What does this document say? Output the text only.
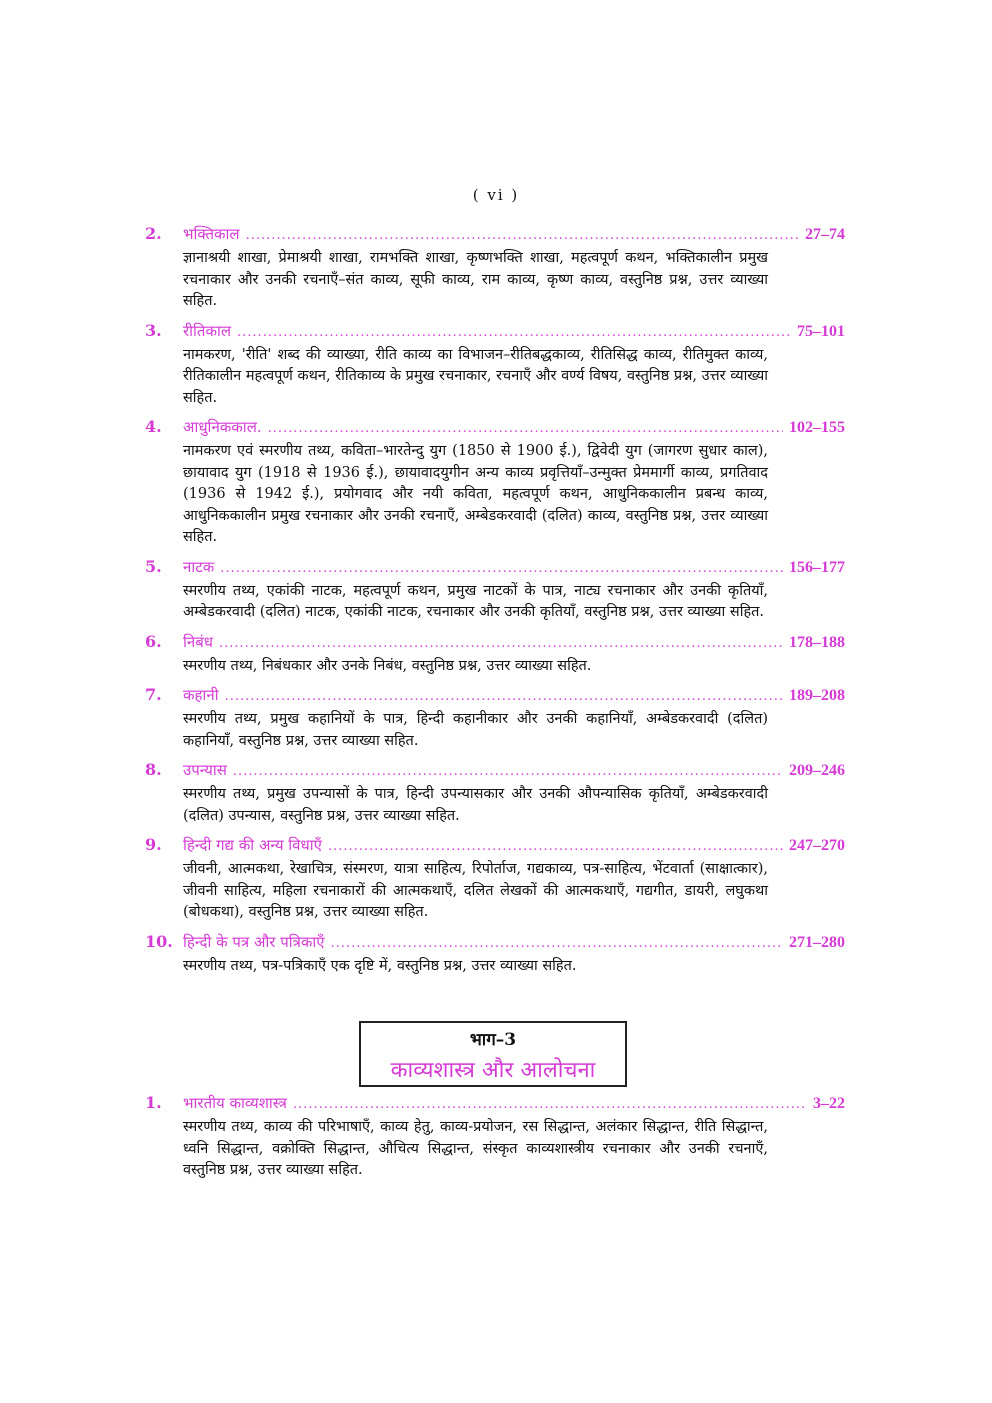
( vi )
2.	भक्तिकाल .....	27–74
ज्ञानाश्रयी शाखा, प्रेमाश्रयी शाखा, रामभक्ति शाखा, कृष्णभक्ति शाखा, महत्वपूर्ण कथन, भक्तिकालीन प्रमुख रचनाकार और उनकी रचनाएँ–संत काव्य, सूफी काव्य, राम काव्य, कृष्ण काव्य, वस्तुनिष्ठ प्रश्न, उत्तर व्याख्या सहित.
3.	रीतिकाल .....	75–101
नामकरण, 'रीति' शब्द की व्याख्या, रीति काव्य का विभाजन–रीतिबद्धकाव्य, रीतिसिद्ध काव्य, रीतिमुक्त काव्य, रीतिकालीन महत्वपूर्ण कथन, रीतिकाव्य के प्रमुख रचनाकार, रचनाएँ और वर्ण्य विषय, वस्तुनिष्ठ प्रश्न, उत्तर व्याख्या सहित.
4.	आधुनिककाल. .....	102–155
नामकरण एवं स्मरणीय तथ्य, कविता–भारतेन्दु युग (1850 से 1900 ई.), द्विवेदी युग (जागरण सुधार काल), छायावाद युग (1918 से 1936 ई.), छायावादयुगीन अन्य काव्य प्रवृत्तियाँ–उन्मुक्त प्रेममार्गी काव्य, प्रगतिवाद (1936 से 1942 ई.), प्रयोगवाद और नयी कविता, महत्वपूर्ण कथन, आधुनिककालीन प्रबन्ध काव्य, आधुनिककालीन प्रमुख रचनाकार और उनकी रचनाएँ, अम्बेडकरवादी (दलित) काव्य, वस्तुनिष्ठ प्रश्न, उत्तर व्याख्या सहित.
5.	नाटक .....	156–177
स्मरणीय तथ्य, एकांकी नाटक, महत्वपूर्ण कथन, प्रमुख नाटकों के पात्र, नाट्य रचनाकार और उनकी कृतियाँ, अम्बेडकरवादी (दलित) नाटक, एकांकी नाटक, रचनाकार और उनकी कृतियाँ, वस्तुनिष्ठ प्रश्न, उत्तर व्याख्या सहित.
6.	निबंध .....	178–188
स्मरणीय तथ्य, निबंधकार और उनके निबंध, वस्तुनिष्ठ प्रश्न, उत्तर व्याख्या सहित.
7.	कहानी .....	189–208
स्मरणीय तथ्य, प्रमुख कहानियों के पात्र, हिन्दी कहानीकार और उनकी कहानियाँ, अम्बेडकरवादी (दलित) कहानियाँ, वस्तुनिष्ठ प्रश्न, उत्तर व्याख्या सहित.
8.	उपन्यास .....	209–246
स्मरणीय तथ्य, प्रमुख उपन्यासों के पात्र, हिन्दी उपन्यासकार और उनकी औपन्यासिक कृतियाँ, अम्बेडकरवादी (दलित) उपन्यास, वस्तुनिष्ठ प्रश्न, उत्तर व्याख्या सहित.
9.	हिन्दी गद्य की अन्य विधाएँ .....	247–270
जीवनी, आत्मकथा, रेखाचित्र, संस्मरण, यात्रा साहित्य, रिपोर्ताज, गद्यकाव्य, पत्र-साहित्य, भेंटवार्ता (साक्षात्कार), जीवनी साहित्य, महिला रचनाकारों की आत्मकथाएँ, दलित लेखकों की आत्मकथाएँ, गद्यगीत, डायरी, लघुकथा (बोधकथा), वस्तुनिष्ठ प्रश्न, उत्तर व्याख्या सहित.
10. हिन्दी के पत्र और पत्रिकाएँ .....	271–280
स्मरणीय तथ्य, पत्र-पत्रिकाएँ एक दृष्टि में, वस्तुनिष्ठ प्रश्न, उत्तर व्याख्या सहित.
भाग–3
काव्यशास्त्र और आलोचना
1.	भारतीय काव्यशास्त्र .....	3–22
स्मरणीय तथ्य, काव्य की परिभाषाएँ, काव्य हेतु, काव्य-प्रयोजन, रस सिद्धान्त, अलंकार सिद्धान्त, रीति सिद्धान्त, ध्वनि सिद्धान्त, वक्रोक्ति सिद्धान्त, औचित्य सिद्धान्त, संस्कृत काव्यशास्त्रीय रचनाकार और उनकी रचनाएँ, वस्तुनिष्ठ प्रश्न, उत्तर व्याख्या सहित.
